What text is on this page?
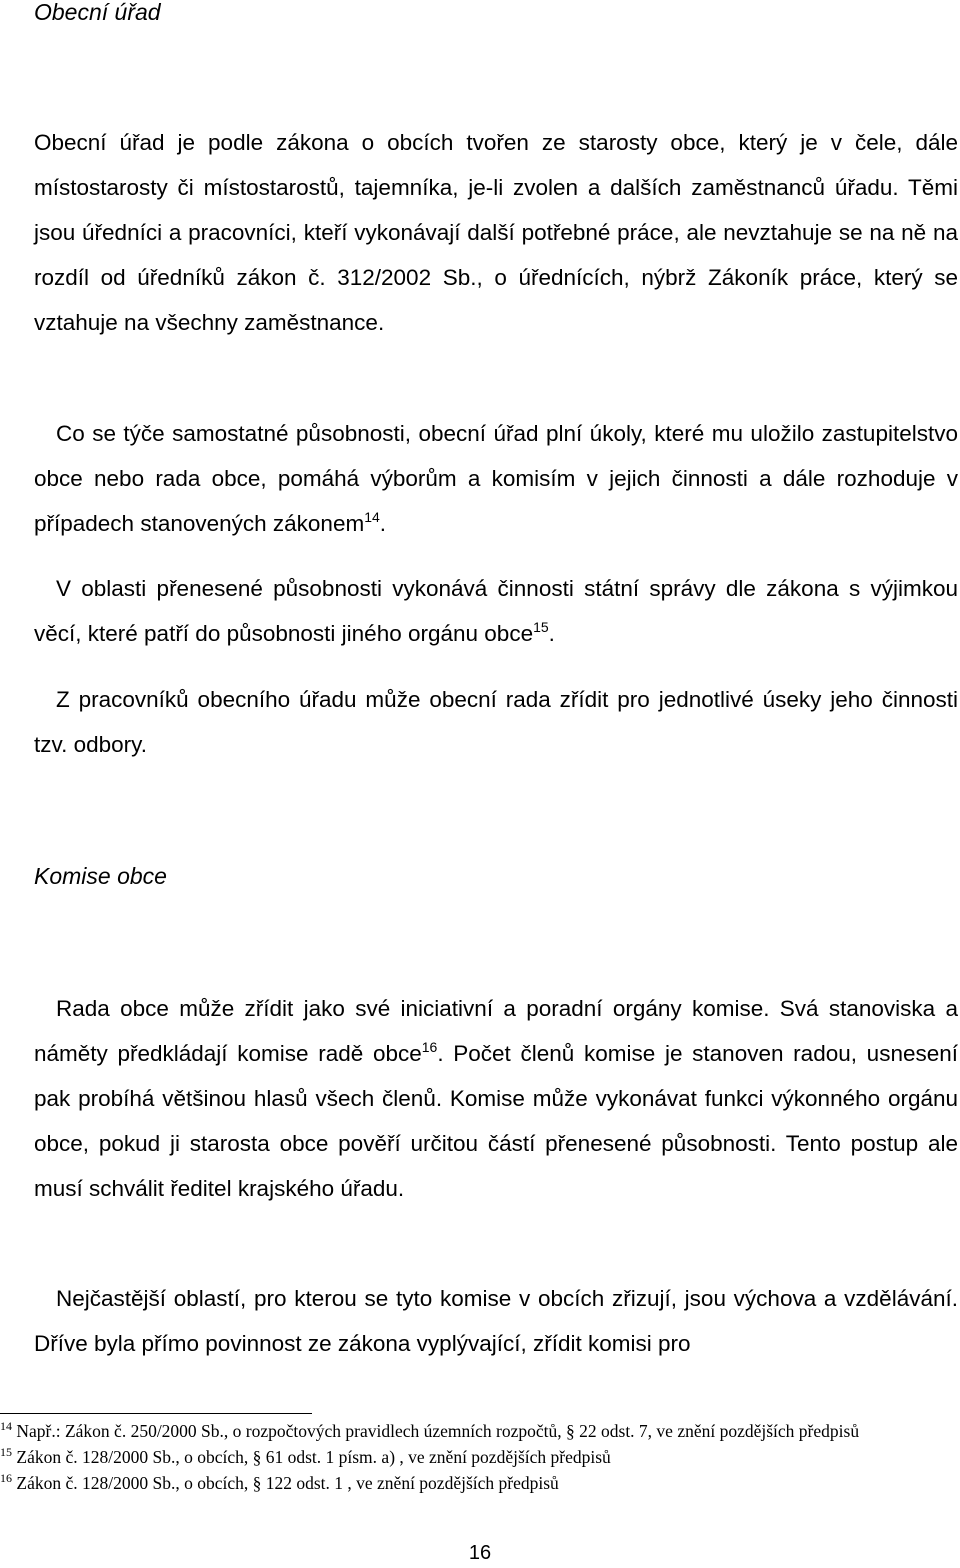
Obecní úřad

Obecní úřad je podle zákona o obcích tvořen ze starosty obce, který je v čele, dále místostarosty či místostarostů, tajemníka, je-li zvolen a dalších zaměstnanců úřadu. Těmi jsou úředníci a pracovníci, kteří vykonávají další potřebné práce, ale nevztahuje se na ně na rozdíl od úředníků zákon č. 312/2002 Sb., o úřednících, nýbrž Zákoník práce, který se vztahuje na všechny zaměstnance.

Co se týče samostatné působnosti, obecní úřad plní úkoly, které mu uložilo zastupitelstvo obce nebo rada obce, pomáhá výborům a komisím v jejich činnosti a dále rozhoduje v případech stanovených zákonem$^{14}$.

V oblasti přenesené působnosti vykonává činnosti státní správy dle zákona s výjimkou věcí, které patří do působnosti jiného orgánu obce$^{15}$.

Z pracovníků obecního úřadu může obecní rada zřídit pro jednotlivé úseky jeho činnosti tzv. odbory.

Komise obce

Rada obce může zřídit jako své iniciativní a poradní orgány komise. Svá stanoviska a náměty předkládají komise radě obce$^{16}$. Počet členů komise je stanoven radou, usnesení pak probíhá většinou hlasů všech členů. Komise může vykonávat funkci výkonného orgánu obce, pokud ji starosta obce pověří určitou částí přenesené působnosti. Tento postup ale musí schválit ředitel krajského úřadu.

Nejčastější oblastí, pro kterou se tyto komise v obcích zřizují, jsou výchova a vzdělávání. Dříve byla přímo povinnost ze zákona vyplývající, zřídit komisi pro

$^{14}$ Např.: Zákon č. 250/2000 Sb., o rozpočtových pravidlech územních rozpočtů, § 22 odst. 7, ve znění pozdějších předpisů

$^{15}$ Zákon č. 128/2000 Sb., o obcích, § 61 odst. 1 písm. a) , ve znění pozdějších předpisů

$^{16}$ Zákon č. 128/2000 Sb., o obcích, § 122 odst. 1 , ve znění pozdějších předpisů

16
